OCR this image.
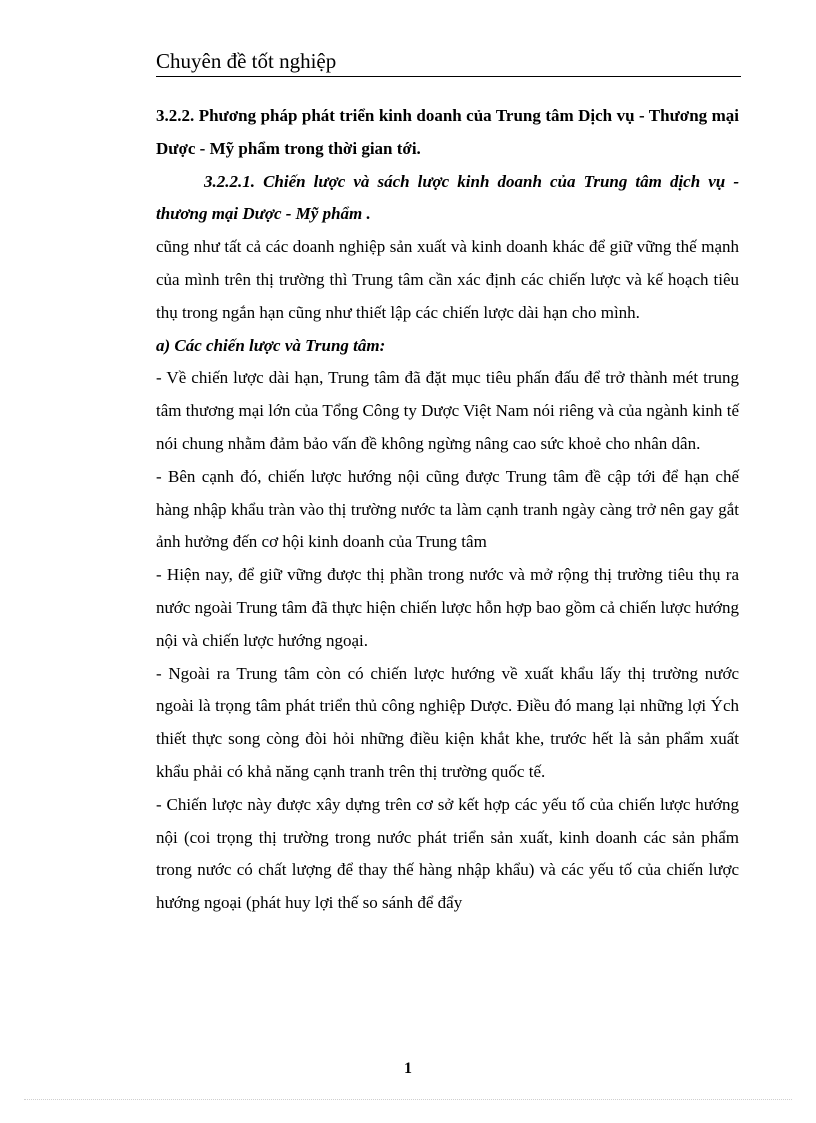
Chuyên đề tốt nghiệp

3.2.2. Phương pháp phát triển kinh doanh của Trung tâm Dịch vụ - Thương mại Dược - Mỹ phẩm trong thời gian tới.

3.2.2.1. Chiến lược và sách lược kinh doanh của Trung tâm dịch vụ - thương mại Dược - Mỹ phẩm .

cũng như tất cả các doanh nghiệp sản xuất và kinh doanh khác để giữ vững thế mạnh của mình trên thị trường thì Trung tâm cần xác định các chiến lược và kế hoạch tiêu thụ trong ngắn hạn cũng như thiết lập các chiến lược dài hạn cho mình.

a) Các chiến lược và Trung tâm:

- Về chiến lược dài hạn, Trung tâm đã đặt mục tiêu phấn đấu để trở thành mét trung tâm thương mại lớn của Tổng Công ty Dược Việt Nam nói riêng và của ngành kinh tế nói chung nhằm đảm bảo vấn đề không ngừng nâng cao sức khoẻ cho nhân dân.

- Bên cạnh đó, chiến lược hướng nội cũng được Trung tâm đề cập tới để hạn chế hàng nhập khẩu tràn vào thị trường nước ta làm cạnh tranh ngày càng trở nên gay gắt ảnh hưởng đến cơ hội kinh doanh của Trung tâm

- Hiện nay, để giữ vững được thị phần trong nước và mở rộng thị trường tiêu thụ ra nước ngoài Trung tâm đã thực hiện chiến lược hỗn hợp bao gồm cả chiến lược hướng nội và chiến lược hướng ngoại.

- Ngoài ra Trung tâm còn có chiến lược hướng về xuất khẩu lấy thị trường nước ngoài là trọng tâm phát triển thủ công nghiệp Dược. Điều đó mang lại những lợi Ých thiết thực song còng đòi hỏi những điều kiện khắt khe, trước hết là sản phẩm xuất khẩu phải có khả năng cạnh tranh trên thị trường quốc tế.

- Chiến lược này được xây dựng trên cơ sở kết hợp các yếu tố của chiến lược hướng nội (coi trọng thị trường trong nước phát triển sản xuất, kinh doanh các sản phẩm trong nước có chất lượng để thay thế hàng nhập khẩu) và các yếu tố của chiến lược hướng ngoại (phát huy lợi thế so sánh để đẩy

1
